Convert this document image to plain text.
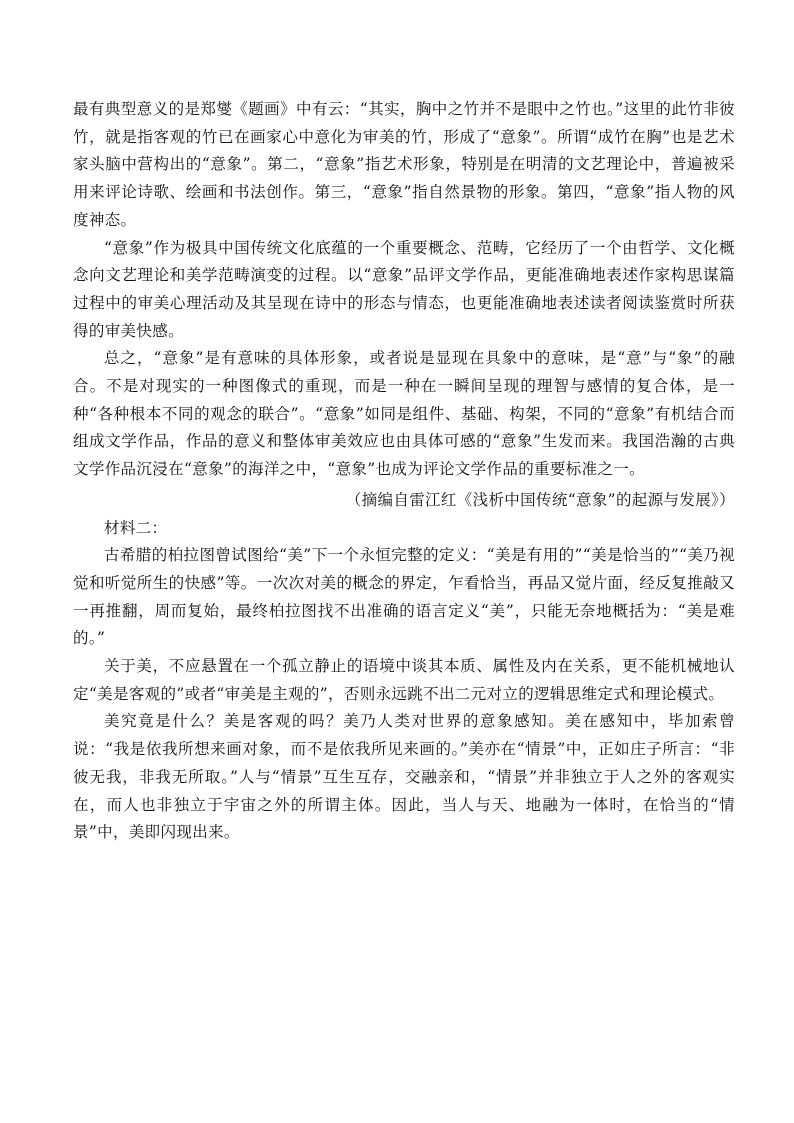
最有典型意义的是郑燮《题画》中有云：“其实，胸中之竹并不是眼中之竹也。”这里的此竹非彼竹，就是指客观的竹已在画家心中意化为审美的竹，形成了“意象”。所谓“成竹在胸”也是艺术家头脑中营构出的“意象”。第二，“意象”指艺术形象，特别是在明清的文艺理论中，普遍被采用来评论诗歌、绘画和书法创作。第三，“意象”指自然景物的形象。第四，“意象”指人物的风度神态。

“意象”作为极具中国传统文化底蕴的一个重要概念、范畴，它经历了一个由哲学、文化概念向文艺理论和美学范畴演变的过程。以“意象”品评文学作品，更能准确地表述作家构思谋篇过程中的审美心理活动及其呈现在诗中的形态与情态，也更能准确地表述读者阅读鉴赏时所获得的审美快感。

总之，“意象”是有意味的具体形象，或者说是显现在具象中的意味，是“意”与“象”的融合。不是对现实的一种图像式的重现，而是一种在一瞬间呈现的理智与感情的复合体，是一种“各种根本不同的观念的联合”。“意象”如同是组件、基础、构架，不同的“意象”有机结合而组成文学作品，作品的意义和整体审美效应也由具体可感的“意象”生发而来。我国浩瀚的古典文学作品沉浸在“意象”的海洋之中，“意象”也成为评论文学作品的重要标准之一。

（摘编自雷江红《浅析中国传统“意象”的起源与发展》）

材料二：

古希腊的柏拉图曾试图给“美”下一个永恒完整的定义：“美是有用的”“美是恰当的”“美乃视觉和听觉所生的快感”等。一次次对美的概念的界定，乍看恰当，再品又觉片面，经反复推敲又一再推翻，周而复始，最终柏拉图找不出准确的语言定义“美”，只能无奈地概括为：“美是难的。”

关于美，不应悬置在一个孤立静止的语境中谈其本质、属性及内在关系，更不能机械地认定“美是客观的”或者“审美是主观的”，否则永远跳不出二元对立的逻辑思维定式和理论模式。

美究竟是什么？美是客观的吗？美乃人类对世界的意象感知。美在感知中，毕加索曾说：“我是依我所想来画对象，而不是依我所见来画的。”美亦在“情景”中，正如庄子所言：“非彼无我，非我无所取。”人与“情景”互生互存，交融亲和，“情景”并非独立于人之外的客观实在，而人也非独立于宇宙之外的所谓主体。因此，当人与天、地融为一体时，在恰当的“情景”中，美即闪现出来。
